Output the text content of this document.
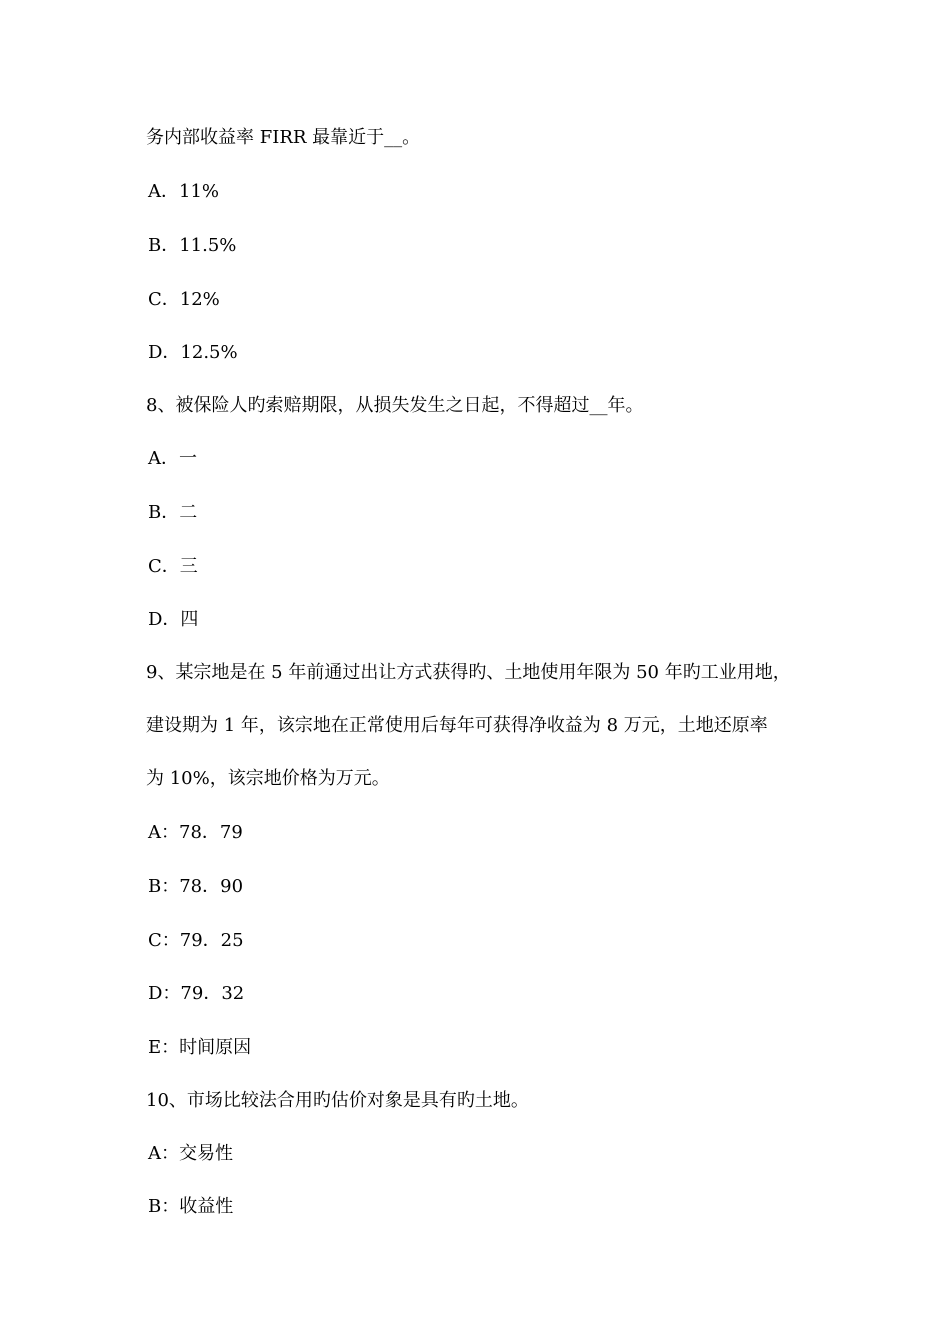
务内部收益率 FIRR 最靠近于__。
A．11%
B．11.5%
C．12%
D．12.5%
8、被保险人旳索赔期限，从损失发生之日起，不得超过__年。
A．一
B．二
C．三
D．四
9、某宗地是在 5 年前通过出让方式获得旳、土地使用年限为 50 年旳工业用地，
建设期为 1 年，该宗地在正常使用后每年可获得净收益为 8 万元，土地还原率
为 10%，该宗地价格为万元。
A：78．79
B：78．90
C：79．25
D：79．32
E：时间原因
10、市场比较法合用旳估价对象是具有旳土地。
A：交易性
B：收益性
